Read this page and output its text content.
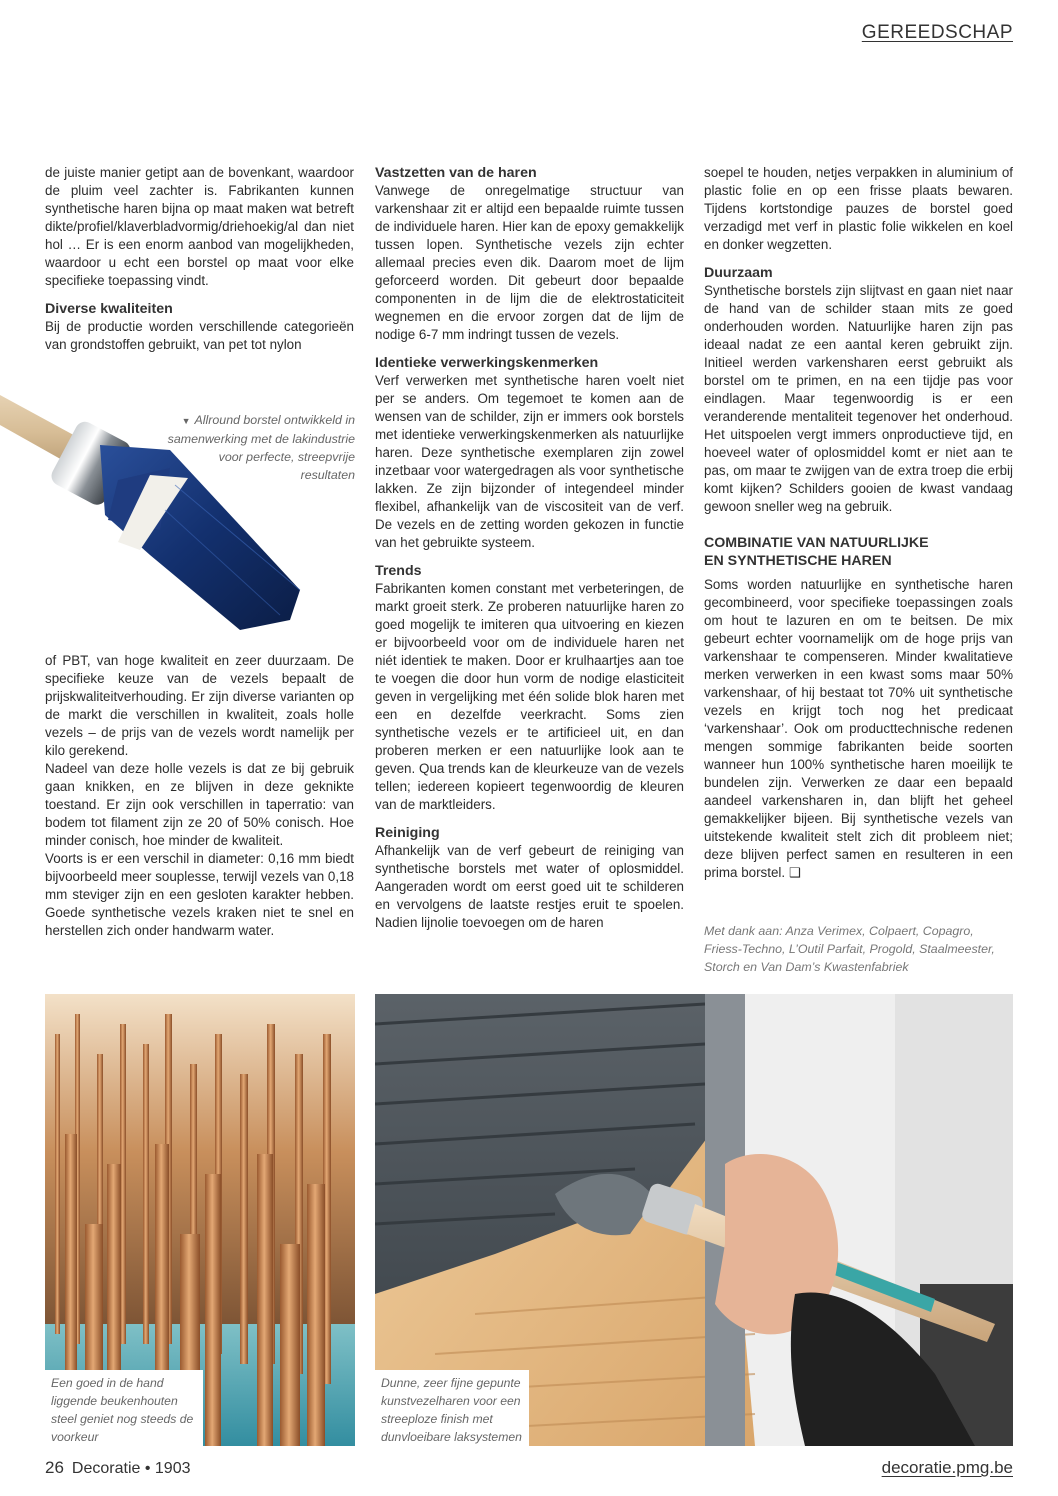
GEREEDSCHAP

de juiste manier getipt aan de bovenkant, waardoor de pluim veel zachter is. Fabrikanten kunnen synthetische haren bijna op maat maken wat betreft dikte/profiel/klaverbladvormig/driehoekig/al dan niet hol … Er is een enorm aanbod van mogelijkheden, waardoor u echt een borstel op maat voor elke specifieke toepassing vindt.

Diverse kwaliteiten

Bij de productie worden verschillende categorieën van grondstoffen gebruikt, van pet tot nylon

▼ Allround borstel ontwikkeld in samenwerking met de lakindustrie voor perfecte, streepvrije resultaten

of PBT, van hoge kwaliteit en zeer duurzaam. De specifieke keuze van de vezels bepaalt de prijskwaliteitverhouding. Er zijn diverse varianten op de markt die verschillen in kwaliteit, zoals holle vezels – de prijs van de vezels wordt namelijk per kilo gerekend.

Nadeel van deze holle vezels is dat ze bij gebruik gaan knikken, en ze blijven in deze geknikte toestand. Er zijn ook verschillen in taperratio: van bodem tot filament zijn ze 20 of 50% conisch. Hoe minder conisch, hoe minder de kwaliteit.

Voorts is er een verschil in diameter: 0,16 mm biedt bijvoorbeeld meer souplesse, terwijl vezels van 0,18 mm steviger zijn en een gesloten karakter hebben. Goede synthetische vezels kraken niet te snel en herstellen zich onder handwarm water.

Vastzetten van de haren

Vanwege de onregelmatige structuur van varkenshaar zit er altijd een bepaalde ruimte tussen de individuele haren. Hier kan de epoxy gemakkelijk tussen lopen. Synthetische vezels zijn echter allemaal precies even dik. Daarom moet de lijm geforceerd worden. Dit gebeurt door bepaalde componenten in de lijm die de elektrostaticiteit wegnemen en die ervoor zorgen dat de lijm de nodige 6-7 mm indringt tussen de vezels.

Identieke verwerkingskenmerken

Verf verwerken met synthetische haren voelt niet per se anders. Om tegemoet te komen aan de wensen van de schilder, zijn er immers ook borstels met identieke verwerkingskenmerken als natuurlijke haren. Deze synthetische exemplaren zijn zowel inzetbaar voor watergedragen als voor synthetische lakken. Ze zijn bijzonder of integendeel minder flexibel, afhankelijk van de viscositeit van de verf. De vezels en de zetting worden gekozen in functie van het gebruikte systeem.

Trends

Fabrikanten komen constant met verbeteringen, de markt groeit sterk. Ze proberen natuurlijke haren zo goed mogelijk te imiteren qua uitvoering en kiezen er bijvoorbeeld voor om de individuele haren net niét identiek te maken. Door er krulhaartjes aan toe te voegen die door hun vorm de nodige elasticiteit geven in vergelijking met één solide blok haren met een en dezelfde veerkracht. Soms zien synthetische vezels er te artificieel uit, en dan proberen merken er een natuurlijke look aan te geven. Qua trends kan de kleurkeuze van de vezels tellen; iedereen kopieert tegenwoordig de kleuren van de marktleiders.

Reiniging

Afhankelijk van de verf gebeurt de reiniging van synthetische borstels met water of oplosmiddel. Aangeraden wordt om eerst goed uit te schilderen en vervolgens de laatste restjes eruit te spoelen. Nadien lijnolie toevoegen om de haren

soepel te houden, netjes verpakken in aluminium of plastic folie en op een frisse plaats bewaren. Tijdens kortstondige pauzes de borstel goed verzadigd met verf in plastic folie wikkelen en koel en donker wegzetten.

Duurzaam

Synthetische borstels zijn slijtvast en gaan niet naar de hand van de schilder staan mits ze goed onderhouden worden. Natuurlijke haren zijn pas ideaal nadat ze een aantal keren gebruikt zijn. Initieel werden varkensharen eerst gebruikt als borstel om te primen, en na een tijdje pas voor eindlagen. Maar tegenwoordig is er een veranderende mentaliteit tegenover het onderhoud. Het uitspoelen vergt immers onproductieve tijd, en hoeveel water of oplosmiddel komt er niet aan te pas, om maar te zwijgen van de extra troep die erbij komt kijken? Schilders gooien de kwast vandaag gewoon sneller weg na gebruik.

COMBINATIE VAN NATUURLIJKE
EN SYNTHETISCHE HAREN

Soms worden natuurlijke en synthetische haren gecombineerd, voor specifieke toepassingen zoals om hout te lazuren en om te beitsen. De mix gebeurt echter voornamelijk om de hoge prijs van varkenshaar te compenseren. Minder kwalitatieve merken verwerken in een kwast soms maar 50% varkenshaar, of hij bestaat tot 70% uit synthetische vezels en krijgt toch nog het predicaat ‘varkenshaar’. Ook om producttechnische redenen mengen sommige fabrikanten beide soorten wanneer hun 100% synthetische haren moeilijk te bundelen zijn. Verwerken ze daar een bepaald aandeel varkensharen in, dan blijft het geheel gemakkelijker bijeen. Bij synthetische vezels van uitstekende kwaliteit stelt zich dit probleem niet; deze blijven perfect samen en resulteren in een prima borstel. ❑

Met dank aan: Anza Verimex, Colpaert, Copagro, Friess-Techno, L’Outil Parfait, Progold, Staalmeester, Storch en Van Dam’s Kwastenfabriek
Een goed in de hand liggende beukenhouten steel geniet nog steeds de voorkeur
Dunne, zeer fijne gepunte kunstvezelharen voor een streeploze finish met dunvloeibare laksystemen
26 Decoratie • 1903	decoratie.pmg.be
